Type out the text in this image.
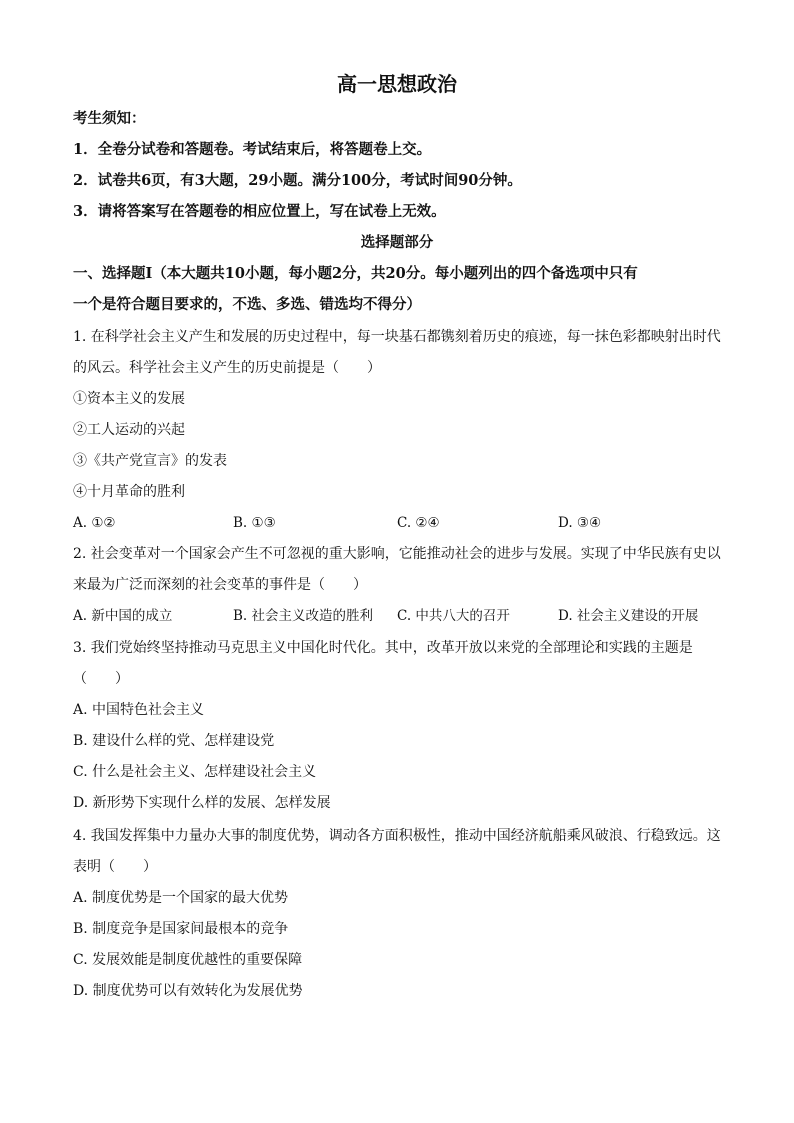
高一思想政治
考生须知：
1．全卷分试卷和答题卷。考试结束后，将答题卷上交。
2．试卷共6页，有3大题，29小题。满分100分，考试时间90分钟。
3．请将答案写在答题卷的相应位置上，写在试卷上无效。
选择题部分
一、选择题Ⅰ（本大题共10小题，每小题2分，共20分。每小题列出的四个备选项中只有
一个是符合题目要求的，不选、多选、错选均不得分）
1. 在科学社会主义产生和发展的历史过程中，每一块基石都镌刻着历史的痕迹，每一抹色彩都映射出时代
的风云。科学社会主义产生的历史前提是（　　）
①资本主义的发展
②工人运动的兴起
③《共产党宣言》的发表
④十月革命的胜利
A. ①②	B. ①③	C. ②④	D. ③④
2. 社会变革对一个国家会产生不可忽视的重大影响，它能推动社会的进步与发展。实现了中华民族有史以
来最为广泛而深刻的社会变革的事件是（　　）
A. 新中国的成立	B. 社会主义改造的胜利 C. 中共八大的召开	D. 社会主义建设的开展
3. 我们党始终坚持推动马克思主义中国化时代化。其中，改革开放以来党的全部理论和实践的主题是
（　　）
A. 中国特色社会主义
B. 建设什么样的党、怎样建设党
C. 什么是社会主义、怎样建设社会主义
D. 新形势下实现什么样的发展、怎样发展
4. 我国发挥集中力量办大事的制度优势，调动各方面积极性，推动中国经济航船乘风破浪、行稳致远。这
表明（　　）
A. 制度优势是一个国家的最大优势
B. 制度竞争是国家间最根本的竞争
C. 发展效能是制度优越性的重要保障
D. 制度优势可以有效转化为发展优势
